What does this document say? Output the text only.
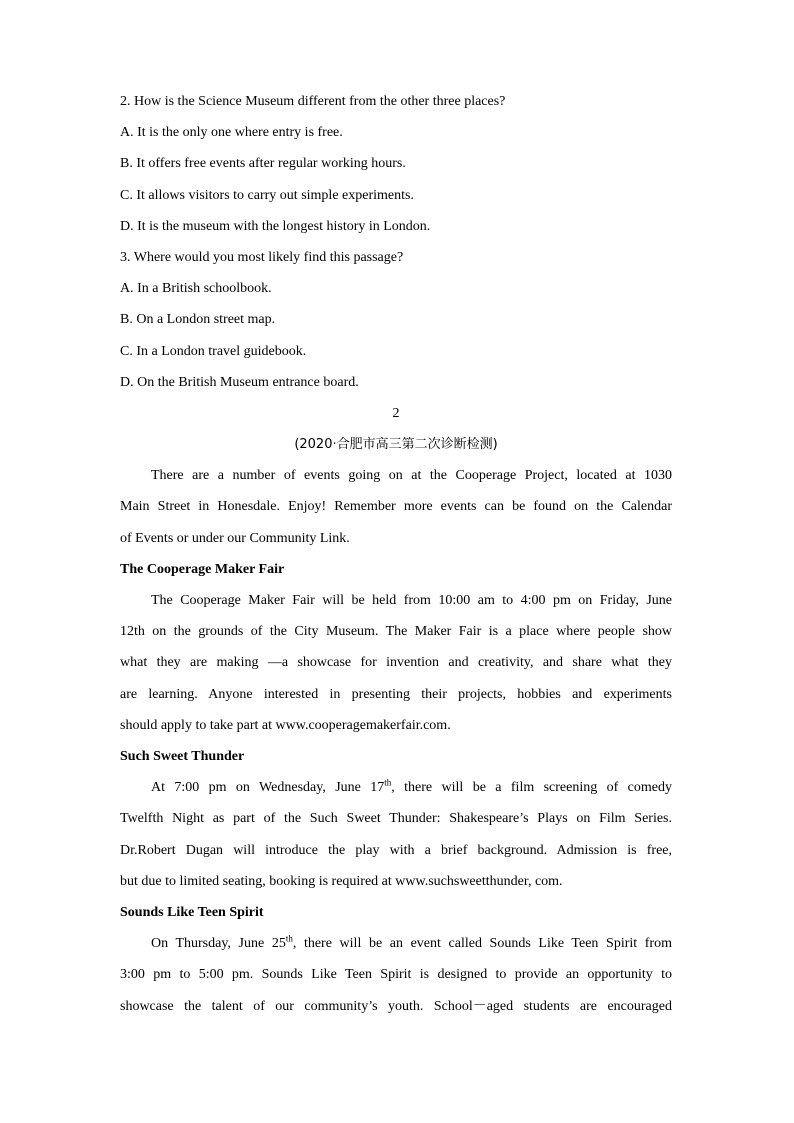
2. How is the Science Museum different from the other three places?
A. It is the only one where entry is free.
B. It offers free events after regular working hours.
C. It allows visitors to carry out simple experiments.
D. It is the museum with the longest history in London.
3. Where would you most likely find this passage?
A. In a British schoolbook.
B. On a London street map.
C. In a London travel guidebook.
D. On the British Museum entrance board.
2
(2020·合肥市高三第二次诊断检测)
There are a number of events going on at the Cooperage Project, located at 1030
Main Street in Honesdale. Enjoy! Remember more events can be found on the Calendar
of Events or under our Community Link.
The Cooperage Maker Fair
The Cooperage Maker Fair will be held from 10:00 am to 4:00 pm on Friday, June
12th on the grounds of the City Museum. The Maker Fair is a place where people show
what they are making —a showcase for invention and creativity, and share what they
are learning. Anyone interested in presenting their projects, hobbies and experiments
should apply to take part at www.cooperagemakerfair.com.
Such Sweet Thunder
At 7:00 pm on Wednesday, June 17th, there will be a film screening of comedy
Twelfth Night as part of the Such Sweet Thunder: Shakespeare’s Plays on Film Series.
Dr.Robert Dugan will introduce the play with a brief background. Admission is free,
but due to limited seating, booking is required at www.suchsweetthunder, com.
Sounds Like Teen Spirit
On Thursday, June 25th, there will be an event called Sounds Like Teen Spirit from
3:00 pm to 5:00 pm. Sounds Like Teen Spirit is designed to provide an opportunity to
showcase the talent of our community’s youth. School－aged students are encouraged
